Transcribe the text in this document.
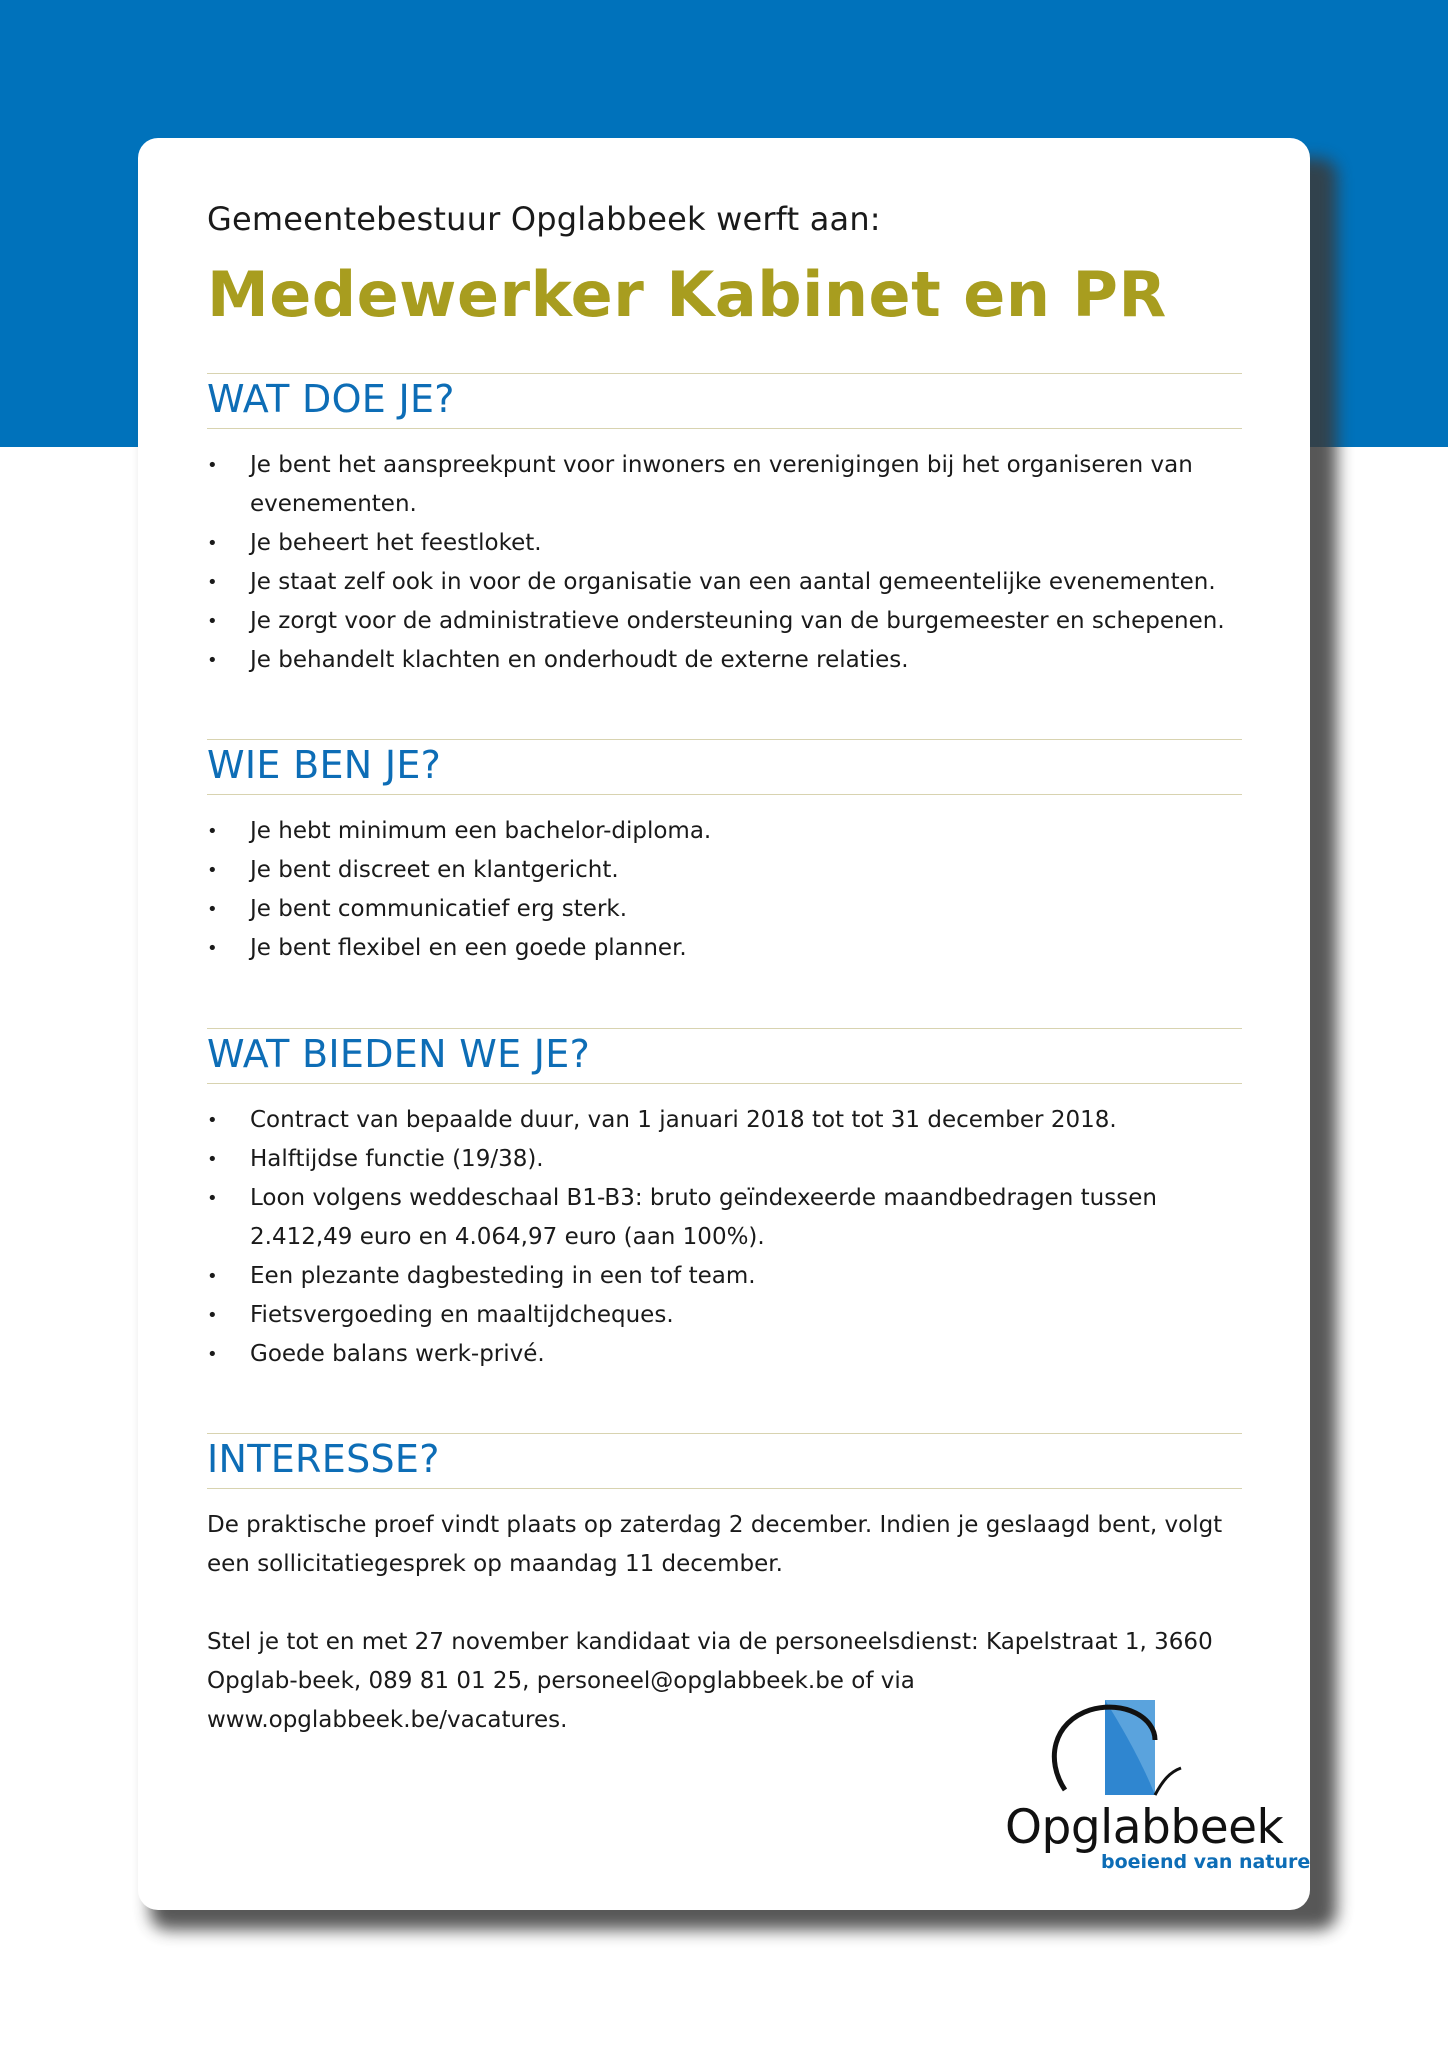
Gemeentebestuur Opglabbeek werft aan:
Medewerker Kabinet en PR
WAT DOE JE?
• Je bent het aanspreekpunt voor inwoners en verenigingen bij het organiseren van evenementen.
• Je beheert het feestloket.
• Je staat zelf ook in voor de organisatie van een aantal gemeentelijke evenementen.
• Je zorgt voor de administratieve ondersteuning van de burgemeester en schepenen.
• Je behandelt klachten en onderhoudt de externe relaties.
WIE BEN JE?
• Je hebt minimum een bachelor-diploma.
• Je bent discreet en klantgericht.
• Je bent communicatief erg sterk.
• Je bent flexibel en een goede planner.
WAT BIEDEN WE JE?
• Contract van bepaalde duur, van 1 januari 2018 tot tot 31 december 2018.
• Halftijdse functie (19/38).
• Loon volgens weddeschaal B1-B3: bruto geïndexeerde maandbedragen tussen 2.412,49 euro en 4.064,97 euro (aan 100%).
• Een plezante dagbesteding in een tof team.
• Fietsvergoeding en maaltijdcheques.
• Goede balans werk-privé.
INTERESSE?

De praktische proef vindt plaats op zaterdag 2 december. Indien je geslaagd bent, volgt een sollicitatiegesprek op maandag 11 december.

Stel je tot en met 27 november kandidaat via de personeelsdienst: Kapelstraat 1, 3660 Opglab-beek, 089 81 01 25, personeel@opglabbeek.be of via www.opglabbeek.be/vacatures.

Opglabbeek
boeiend van nature
